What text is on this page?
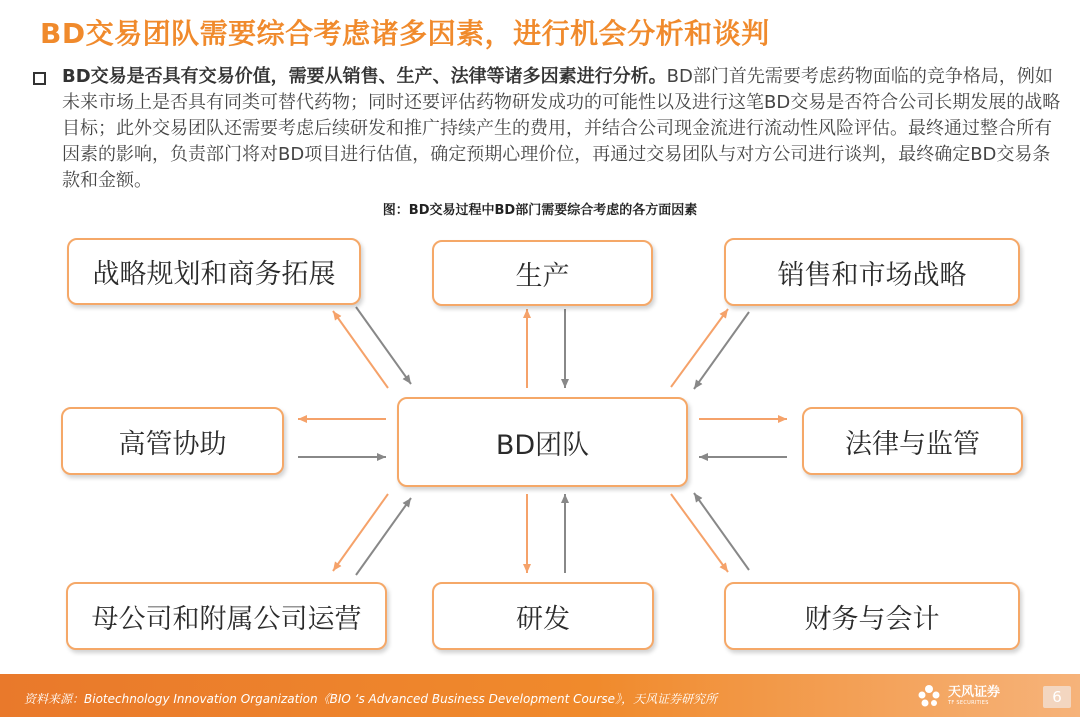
BD交易团队需要综合考虑诸多因素，进行机会分析和谈判
BD交易是否具有交易价值，需要从销售、生产、法律等诸多因素进行分析。BD部门首先需要考虑药物面临的竞争格局，例如未来市场上是否具有同类可替代药物；同时还要评估药物研发成功的可能性以及进行这笔BD交易是否符合公司长期发展的战略目标；此外交易团队还需要考虑后续研发和推广持续产生的费用，并结合公司现金流进行流动性风险评估。最终通过整合所有因素的影响，负责部门将对BD项目进行估值，确定预期心理价位，再通过交易团队与对方公司进行谈判，最终确定BD交易条款和金额。
图：BD交易过程中BD部门需要综合考虑的各方面因素
战略规划和商务拓展	生产	销售和市场战略
高管协助	BD团队	法律与监管
母公司和附属公司运营	研发	财务与会计
资料来源：Biotechnology Innovation Organization《BIO ‘s Advanced Business Development Course》，天风证券研究所	天风证券
TF SECURITIES	6
